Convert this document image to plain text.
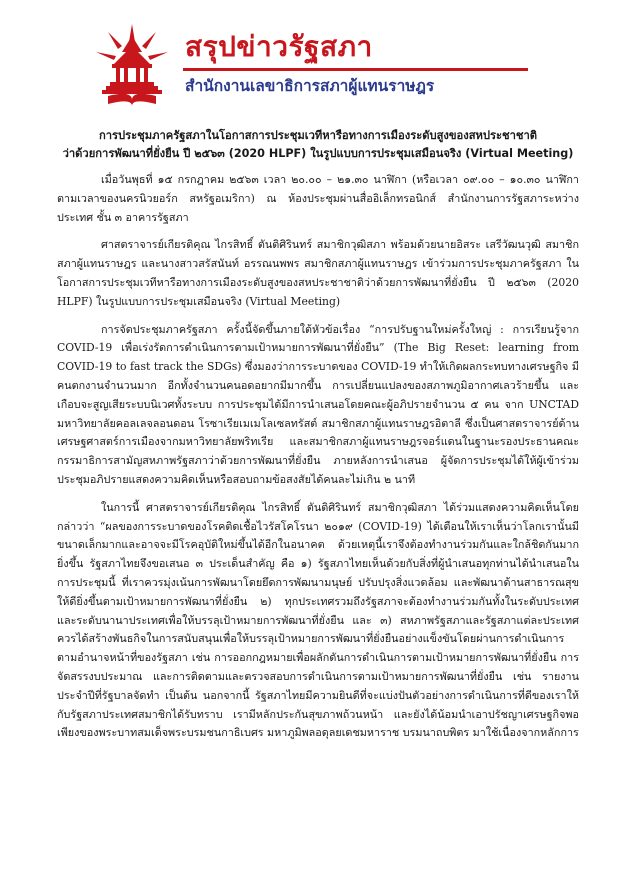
สรุปข่าวรัฐสภา
สำนักงานเลขาธิการสภาผู้แทนราษฎร
การประชุมภาครัฐสภาในโอกาสการประชุมเวทีหารือทางการเมืองระดับสูงของสหประชาชาติ
ว่าด้วยการพัฒนาที่ยั่งยืน ปี ๒๕๖๓ (2020 HLPF) ในรูปแบบการประชุมเสมือนจริง (Virtual Meeting)

เมื่อวันพุธที่ ๑๕ กรกฎาคม ๒๕๖๓ เวลา ๒๐.๐๐ – ๒๑.๓๐ นาฬิกา (หรือเวลา ๐๙.๐๐ – ๑๐.๓๐ นาฬิกา ตามเวลาของนครนิวยอร์ก สหรัฐอเมริกา) ณ ห้องประชุมผ่านสื่ออิเล็กทรอนิกส์ สำนักงานการรัฐสภาระหว่างประเทศ ชั้น ๓ อาคารรัฐสภา

ศาสตราจารย์เกียรติคุณ ไกรสิทธิ์ ตันติศิรินทร์ สมาชิกวุฒิสภา พร้อมด้วยนายอิสระ เสรีวัฒนวุฒิ สมาชิกสภาผู้แทนราษฎร และนางสาวสรัสนันท์ อรรณนพพร สมาชิกสภาผู้แทนราษฎร เข้าร่วมการประชุมภาครัฐสภา ในโอกาสการประชุมเวทีหารือทางการเมืองระดับสูงของสหประชาชาติว่าด้วยการพัฒนาที่ยั่งยืน ปี ๒๕๖๓ (2020 HLPF) ในรูปแบบการประชุมเสมือนจริง (Virtual Meeting)

การจัดประชุมภาครัฐสภา ครั้งนี้จัดขึ้นภายใต้หัวข้อเรื่อง “การปรับฐานใหม่ครั้งใหญ่ : การเรียนรู้จาก COVID-19 เพื่อเร่งรัดการดำเนินการตามเป้าหมายการพัฒนาที่ยั่งยืน” (The Big Reset: learning from COVID-19 to fast track the SDGs) ซึ่งมองว่าการระบาดของ COVID-19 ทำให้เกิดผลกระทบทางเศรษฐกิจ มีคนตกงานจำนวนมาก อีกทั้งจำนวนคนอดอยากมีมากขึ้น การเปลี่ยนแปลงของสภาพภูมิอากาศเลวร้ายขึ้น และเกือบจะสูญเสียระบบนิเวศทั้งระบบ การประชุมได้มีการนำเสนอโดยคณะผู้อภิปรายจำนวน ๕ คน จาก UNCTAD มหาวิทยาลัยคอลเลจลอนดอน โรซาเรียเมเมโลเซลทรัสต์ สมาชิกสภาผู้แทนราษฎรอิตาลี ซึ่งเป็นศาสตราจารย์ด้านเศรษฐศาสตร์การเมืองจากมหาวิทยาลัยพริทเรีย และสมาชิกสภาผู้แทนราษฎรจอร์แดนในฐานะรองประธานคณะกรรมาธิการสามัญสหภาพรัฐสภาว่าด้วยการพัฒนาที่ยั่งยืน ภายหลังการนำเสนอ ผู้จัดการประชุมได้ให้ผู้เข้าร่วมประชุมอภิปรายแสดงความคิดเห็นหรือสอบถามข้อสงสัยได้คนละไม่เกิน ๒ นาที

ในการนี้ ศาสตราจารย์เกียรติคุณ ไกรสิทธิ์ ตันติศิรินทร์ สมาชิกวุฒิสภา ได้ร่วมแสดงความคิดเห็นโดยกล่าวว่า “ผลของการระบาดของโรคติดเชื้อไวรัสโคโรนา ๒๐๑๙ (COVID-19) ได้เตือนให้เราเห็นว่าโลกเรานั้นมีขนาดเล็กมากและอาจจะมีโรคอุบัติใหม่ขึ้นได้อีกในอนาคต ด้วยเหตุนี้เราจึงต้องทำงานร่วมกันและใกล้ชิดกันมากยิ่งขึ้น รัฐสภาไทยจึงขอเสนอ ๓ ประเด็นสำคัญ คือ ๑) รัฐสภาไทยเห็นด้วยกับสิ่งที่ผู้นำเสนอทุกท่านได้นำเสนอในการประชุมนี้ ที่เราควรมุ่งเน้นการพัฒนาโดยยึดการพัฒนามนุษย์ ปรับปรุงสิ่งแวดล้อม และพัฒนาด้านสาธารณสุขให้ดียิ่งขึ้นตามเป้าหมายการพัฒนาที่ยั่งยืน ๒) ทุกประเทศรวมถึงรัฐสภาจะต้องทำงานร่วมกันทั้งในระดับประเทศและระดับนานาประเทศเพื่อให้บรรลุเป้าหมายการพัฒนาที่ยั่งยืน และ ๓) สหภาพรัฐสภาและรัฐสภาแต่ละประเทศควรได้สร้างพันธกิจในการสนับสนุนเพื่อให้บรรลุเป้าหมายการพัฒนาที่ยั่งยืนอย่างแข็งขันโดยผ่านการดำเนินการตามอำนาจหน้าที่ของรัฐสภา เช่น การออกกฎหมายเพื่อผลักดันการดำเนินการตามเป้าหมายการพัฒนาที่ยั่งยืน การจัดสรรงบประมาณ และการติดตามและตรวจสอบการดำเนินการตามเป้าหมายการพัฒนาที่ยั่งยืน เช่น รายงานประจำปีที่รัฐบาลจัดทำ เป็นต้น นอกจากนี้ รัฐสภาไทยมีความยินดีที่จะแบ่งปันตัวอย่างการดำเนินการที่ดีของเราให้กับรัฐสภาประเทศสมาชิกได้รับทราบ เรามีหลักประกันสุขภาพถ้วนหน้า และยังได้น้อมนำเอาปรัชญาเศรษฐกิจพอเพียงของพระบาทสมเด็จพระบรมชนกาธิเบศร มหาภูมิพลอดุลยเดชมหาราช บรมนาถบพิตร มาใช้เนื่องจากหลักการ
